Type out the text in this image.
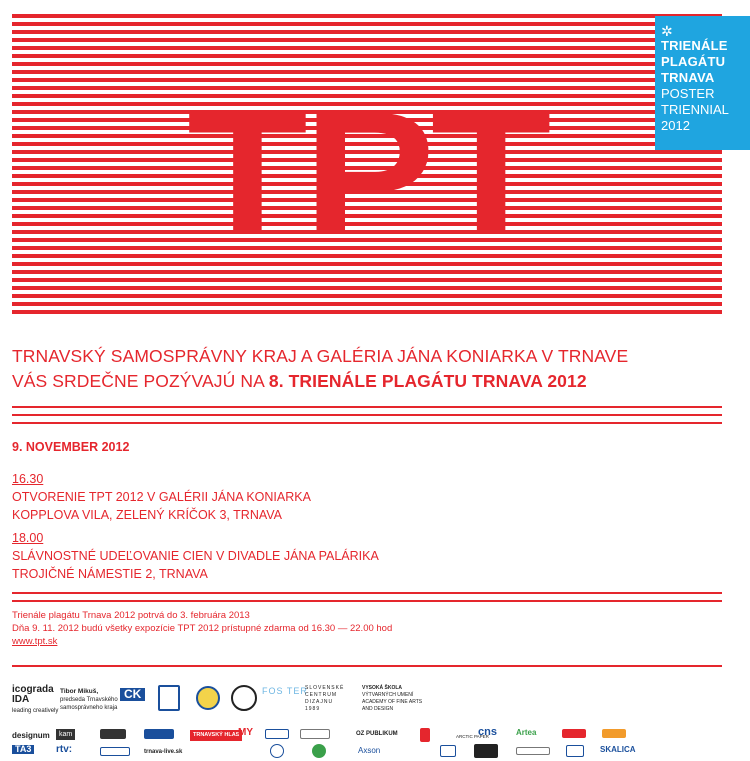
✲
TRIENÁLE
PLAGÁTU
TRNAVA
POSTER
TRIENNIAL
2012
TRNAVSKÝ SAMOSPRÁVNY KRAJ A GALÉRIA JÁNA KONIARKA V TRNAVE
VÁS SRDEČNE POZÝVAJÚ NA 8. TRIENÁLE PLAGÁTU TRNAVA 2012
9. NOVEMBER 2012
16.30
OTVORENIE TPT 2012 V GALÉRII JÁNA KONIARKA
KOPPLOVA VILA, ZELENÝ KRÍČOK 3, TRNAVA
18.00
SLÁVNOSTNÉ UDEĽOVANIE CIEN V DIVADLE JÁNA PALÁRIKA
TROJIČNÉ NÁMESTIE 2, TRNAVA
Trienále plagátu Trnava 2012 potrvá do 3. februára 2013
Dňa 9. 11. 2012 budú všetky expozície TPT 2012 prístupné zdarma od 16.30 — 22.00 hod
www.tpt.sk
icograda
IDA
leading creatively
Tibor Mikuš,
predseda Trnavského
samosprávneho kraja
CK	FOS TER
SLOVENSKÉ
CENTRUM
DIZAJNU
1989
VYSOKÁ ŠKOLA
VÝTVARNÝCH UMENÍ
ACADEMY OF FINE ARTS
AND DESIGN
designum	kam	TRNAVSKÝ HLAS
MY	OZ PUBLIKUM	ARCTIC PAPER
cns Artea
TA3	rtv:	trnava-live.sk	Axson	SKALICA
